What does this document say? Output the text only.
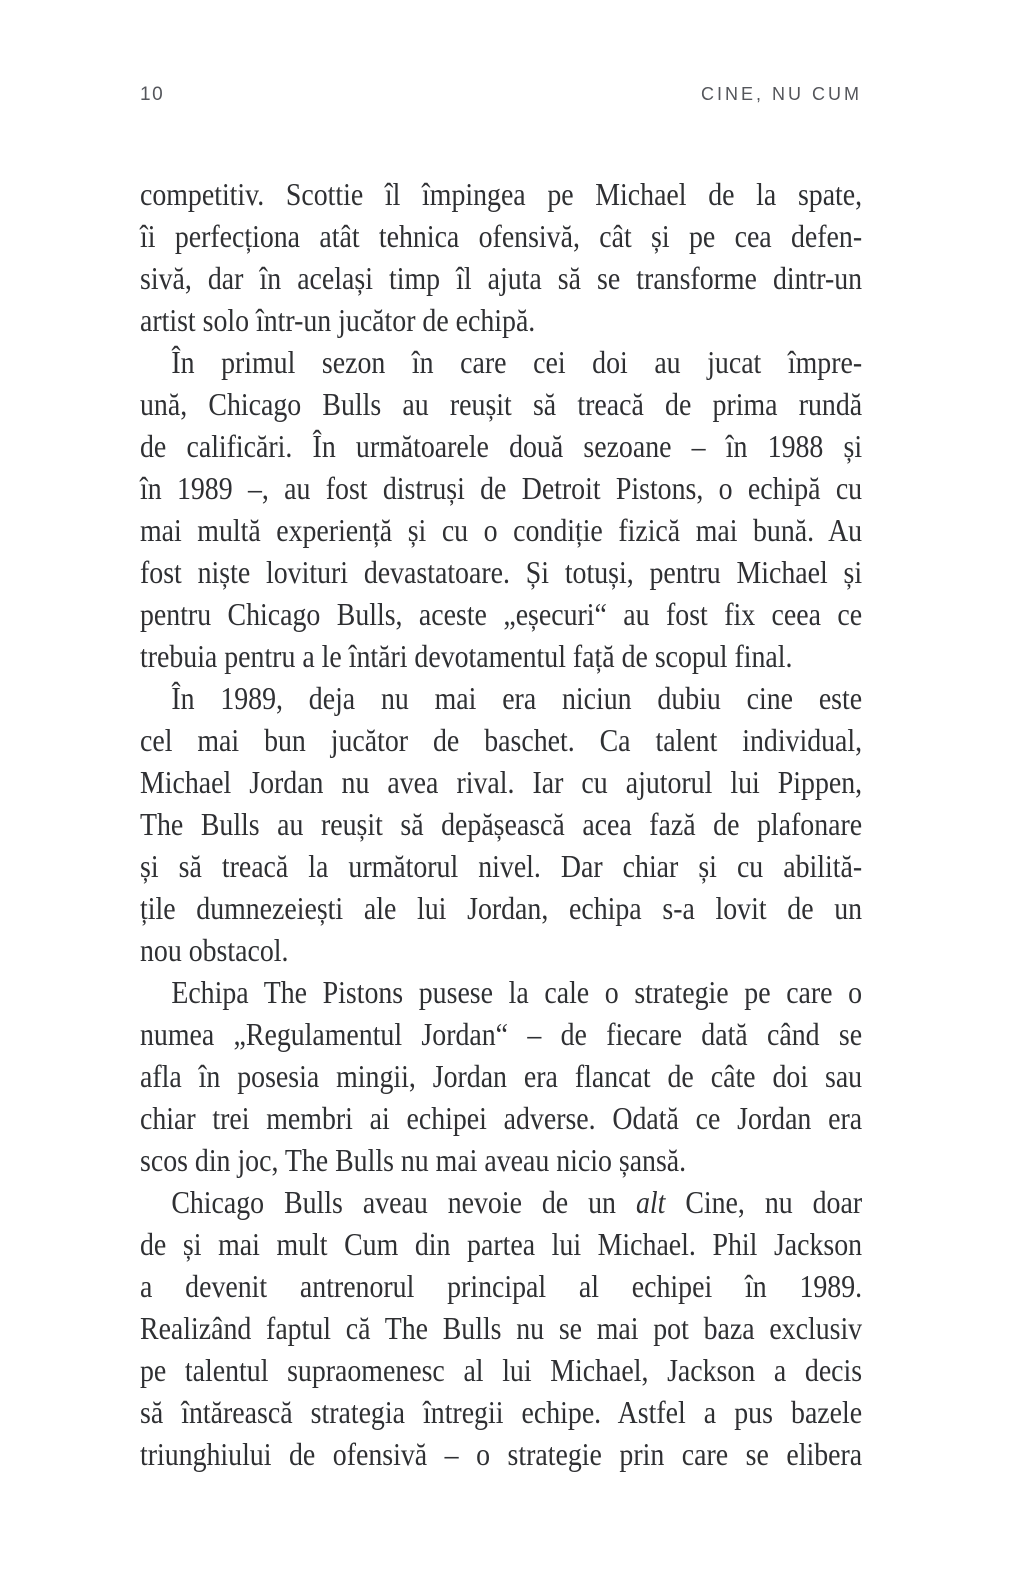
10	CINE, NU CUM
competitiv. Scottie îl împingea pe Michael de la spate,
îi perfecționa atât tehnica ofensivă, cât și pe cea defen-
sivă, dar în același timp îl ajuta să se transforme dintr-un
artist solo într-un jucător de echipă.
În primul sezon în care cei doi au jucat împre-
ună, Chicago Bulls au reușit să treacă de prima rundă
de calificări. În următoarele două sezoane – în 1988 și
în 1989 –, au fost distruși de Detroit Pistons, o echipă cu
mai multă experiență și cu o condiție fizică mai bună. Au
fost niște lovituri devastatoare. Și totuși, pentru Michael și
pentru Chicago Bulls, aceste „eșecuri“ au fost fix ceea ce
trebuia pentru a le întări devotamentul față de scopul final.
În 1989, deja nu mai era niciun dubiu cine este
cel mai bun jucător de baschet. Ca talent individual,
Michael Jordan nu avea rival. Iar cu ajutorul lui Pippen,
The Bulls au reușit să depășească acea fază de plafonare
și să treacă la următorul nivel. Dar chiar și cu abilită-
țile dumnezeiești ale lui Jordan, echipa s-a lovit de un
nou obstacol.
Echipa The Pistons pusese la cale o strategie pe care o
numea „Regulamentul Jordan“ – de fiecare dată când se
afla în posesia mingii, Jordan era flancat de câte doi sau
chiar trei membri ai echipei adverse. Odată ce Jordan era
scos din joc, The Bulls nu mai aveau nicio șansă.
Chicago Bulls aveau nevoie de un alt Cine, nu doar
de și mai mult Cum din partea lui Michael. Phil Jackson
a devenit antrenorul principal al echipei în 1989.
Realizând faptul că The Bulls nu se mai pot baza exclusiv
pe talentul supraomenesc al lui Michael, Jackson a decis
să întărească strategia întregii echipe. Astfel a pus bazele
triunghiului de ofensivă – o strategie prin care se elibera
